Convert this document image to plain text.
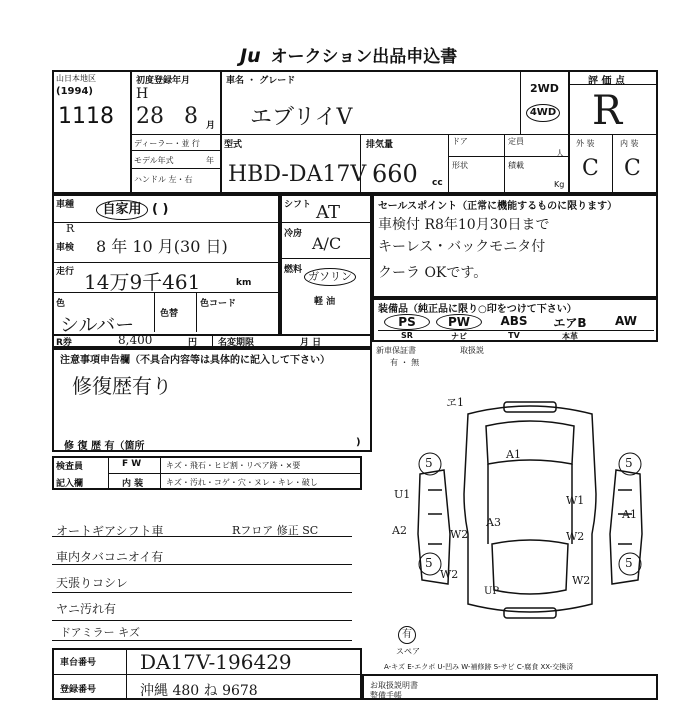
Ju オークション出品申込書
山日本地区
(1994)
1118
初度登録年月
H
28 8 月
ディーラー・並 行
モデル年式	年
ハンドル 左・右
車名 ・ グレード
エブリイV
型式
HBD-DA17V
排気量
660 cc
ドア
形状
定員
人
積載
Kg
2WD
4WD
評 価 点
R
外 装	内 装
C C
車種	自家用 ( )
R
車検 8 年 10 月(30 日)
走行 14万9千461	km
色
シルバー	色替
色コード
シフト AT
冷房 A/C
燃料 ガソリン
軽 油
R券	8,400	円 名変期限	月 日
注意事項申告欄（不具合内容等は具体的に記入して下さい）
修復歴有り
修 復 歴 有（箇所	)
セールスポイント（正常に機能するものに限ります）
車検付 R8年10月30日まで
キーレス・バックモニタ付
クーラ OKです。
装備品（純正品に限り○印をつけて下さい）
PS	PW	ABS	エアB	AW
SR	ナビ	TV	本革
新車保証書
有 ・ 無
取扱説
検査員
記入欄
F W	キズ・飛石・ヒビ割・リペア跡・×要
内 装	キズ・汚れ・コゲ・穴・ヌレ・キレ・破し
オートギアシフト車
車内タバコニオイ有
天張りコシレ
ヤニ汚れ有
ドアミラー キズ
Rフロア 修正 SC
ヱ1
A1
U1	W1
A1
A2
A3
W2	W2
W2	W2
UP
5	5
5	5
有
スペア
A-キズ E-エクボ U-凹み W-補修跡 S-サビ C-腐食 XX-交換済
車台番号 DA17V-196429
登録番号	沖縄 480 ね 9678	お取扱説明書
整備手帳
